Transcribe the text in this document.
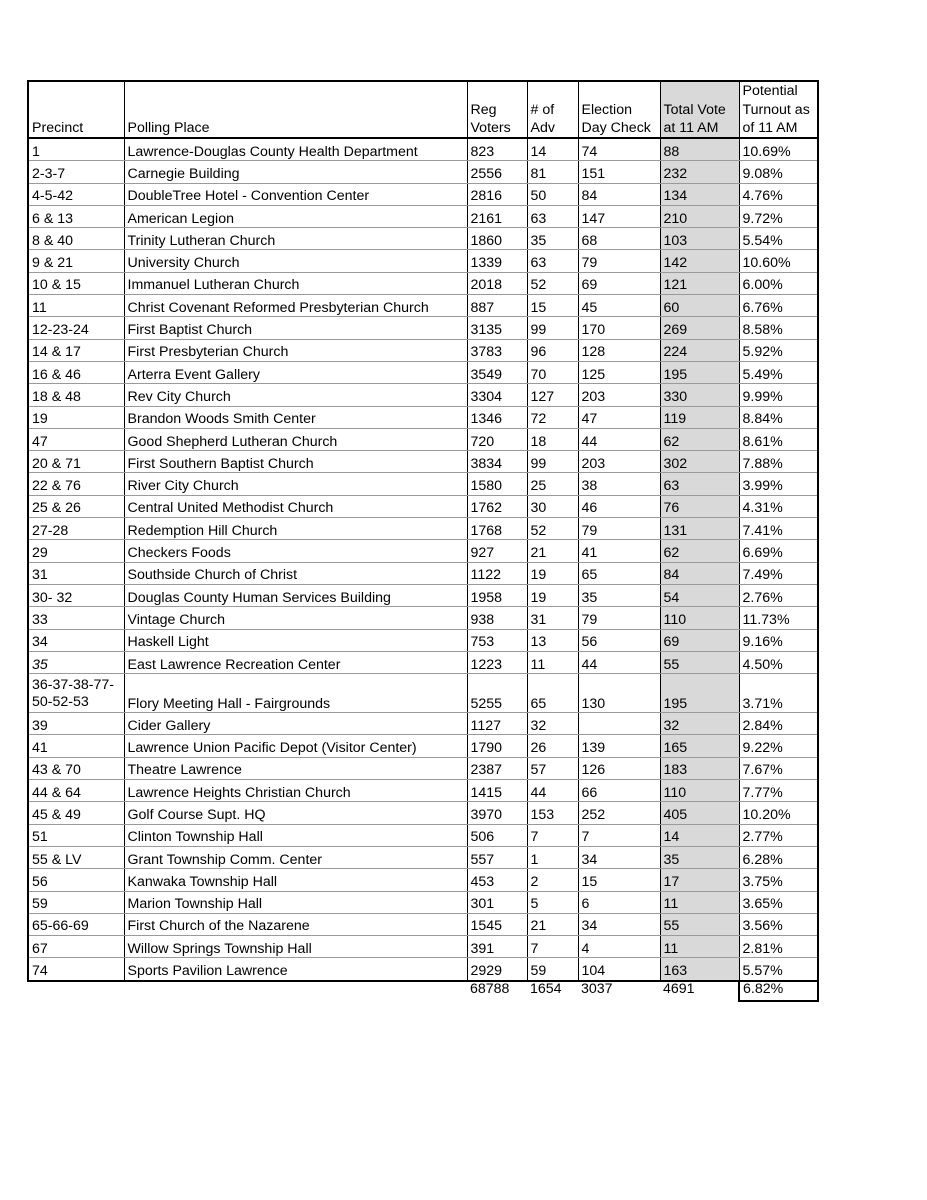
Precinct	Polling Place	Reg Voters	# of Adv	Election Day Check	Total Vote at 11 AM	Potential Turnout as of 11 AM
1	Lawrence-Douglas County Health Department	823	14	74	88	10.69%
2-3-7	Carnegie Building	2556	81	151	232	9.08%
4-5-42	DoubleTree Hotel - Convention Center	2816	50	84	134	4.76%
6 & 13	American Legion	2161	63	147	210	9.72%
8 & 40	Trinity Lutheran Church	1860	35	68	103	5.54%
9 & 21	University Church	1339	63	79	142	10.60%
10 & 15	Immanuel Lutheran Church	2018	52	69	121	6.00%
11	Christ Covenant Reformed Presbyterian Church	887	15	45	60	6.76%
12-23-24	First Baptist Church	3135	99	170	269	8.58%
14 & 17	First Presbyterian Church	3783	96	128	224	5.92%
16 & 46	Arterra Event Gallery	3549	70	125	195	5.49%
18 & 48	Rev City Church	3304	127	203	330	9.99%
19	Brandon Woods Smith Center	1346	72	47	119	8.84%
47	Good Shepherd Lutheran Church	720	18	44	62	8.61%
20 & 71	First Southern Baptist Church	3834	99	203	302	7.88%
22 & 76	River City Church	1580	25	38	63	3.99%
25 & 26	Central United Methodist Church	1762	30	46	76	4.31%
27-28	Redemption Hill Church	1768	52	79	131	7.41%
29	Checkers Foods	927	21	41	62	6.69%
31	Southside Church of Christ	1122	19	65	84	7.49%
30- 32	Douglas County Human Services Building	1958	19	35	54	2.76%
33	Vintage Church	938	31	79	110	11.73%
34	Haskell Light	753	13	56	69	9.16%
35	East Lawrence Recreation Center	1223	11	44	55	4.50%
36-37-38-77-50-52-53	Flory Meeting Hall - Fairgrounds	5255	65	130	195	3.71%
39	Cider Gallery	1127	32		32	2.84%
41	Lawrence Union Pacific Depot (Visitor Center)	1790	26	139	165	9.22%
43 & 70	Theatre Lawrence	2387	57	126	183	7.67%
44 & 64	Lawrence Heights Christian Church	1415	44	66	110	7.77%
45 & 49	Golf Course Supt. HQ	3970	153	252	405	10.20%
51	Clinton Township Hall	506	7	7	14	2.77%
55 & LV	Grant Township Comm. Center	557	1	34	35	6.28%
56	Kanwaka Township Hall	453	2	15	17	3.75%
59	Marion Township Hall	301	5	6	11	3.65%
65-66-69	First Church of the Nazarene	1545	21	34	55	3.56%
67	Willow Springs Township Hall	391	7	4	11	2.81%
74	Sports Pavilion Lawrence	2929	59	104	163	5.57%
		68788	1654	3037	4691	6.82%
